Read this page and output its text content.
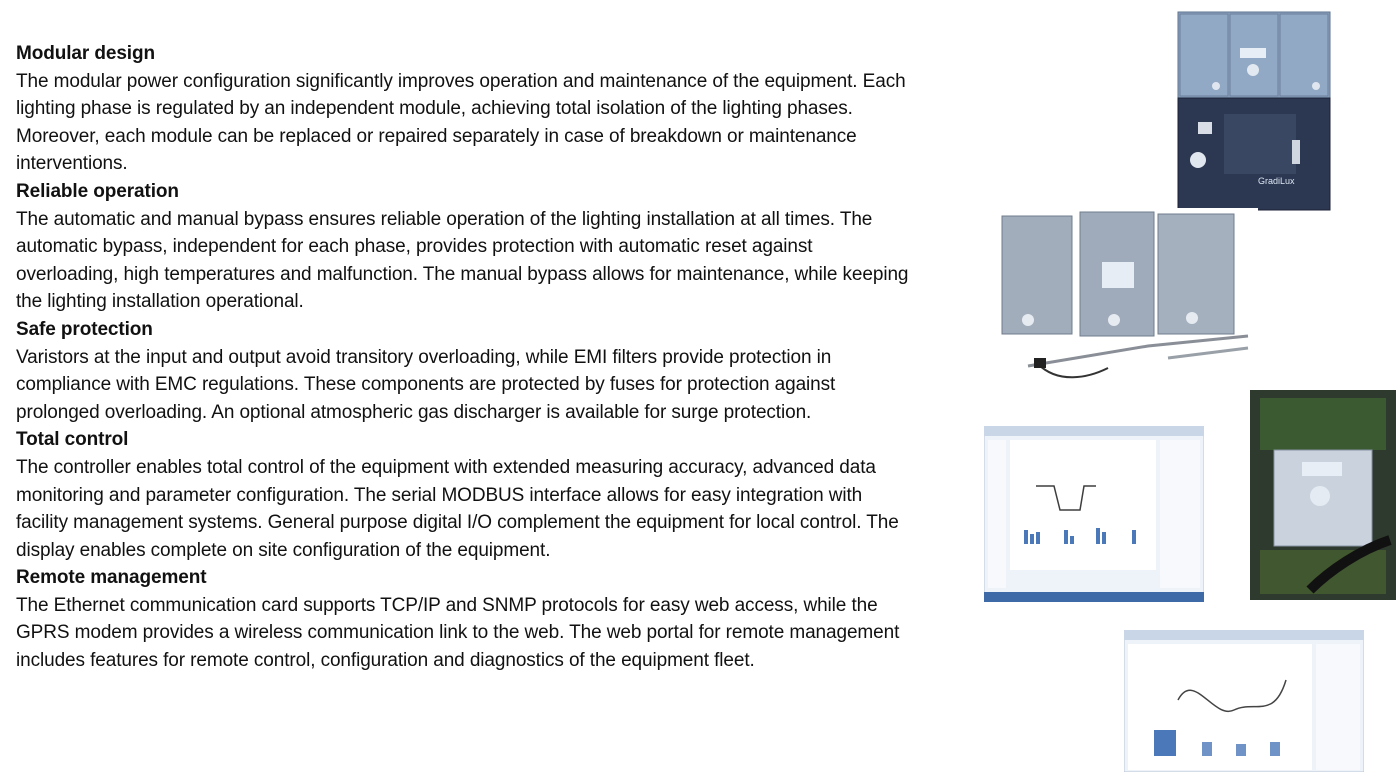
Modular design

The modular power configuration significantly improves operation and maintenance of the equipment. Each lighting phase is regulated by an independent module, achieving total isolation of the lighting phases. Moreover, each module can be replaced or repaired separately in case of breakdown or maintenance interventions.

Reliable operation

The automatic and manual bypass ensures reliable operation of the lighting installation at all times. The automatic bypass, independent for each phase, provides protection with automatic reset against overloading, high temperatures and malfunction. The manual bypass allows for maintenance, while keeping the lighting installation operational.

Safe protection

Varistors at the input and output avoid transitory overloading, while EMI filters provide protection in compliance with EMC regulations. These components are protected by fuses for protection against prolonged overloading. An optional atmospheric gas discharger is available for surge protection.

Total control

The controller enables total control of the equipment with extended measuring accuracy, advanced data monitoring and parameter configuration. The serial MODBUS interface allows for easy integration with facility management systems. General purpose digital I/O complement the equipment for local control. The display enables complete on site configuration of the equipment.

Remote management

The Ethernet communication card supports TCP/IP and SNMP protocols for easy web access, while the GPRS modem provides a wireless communication link to the web. The web portal for remote management includes features for remote control, configuration and diagnostics of the equipment fleet.

GradiLux
